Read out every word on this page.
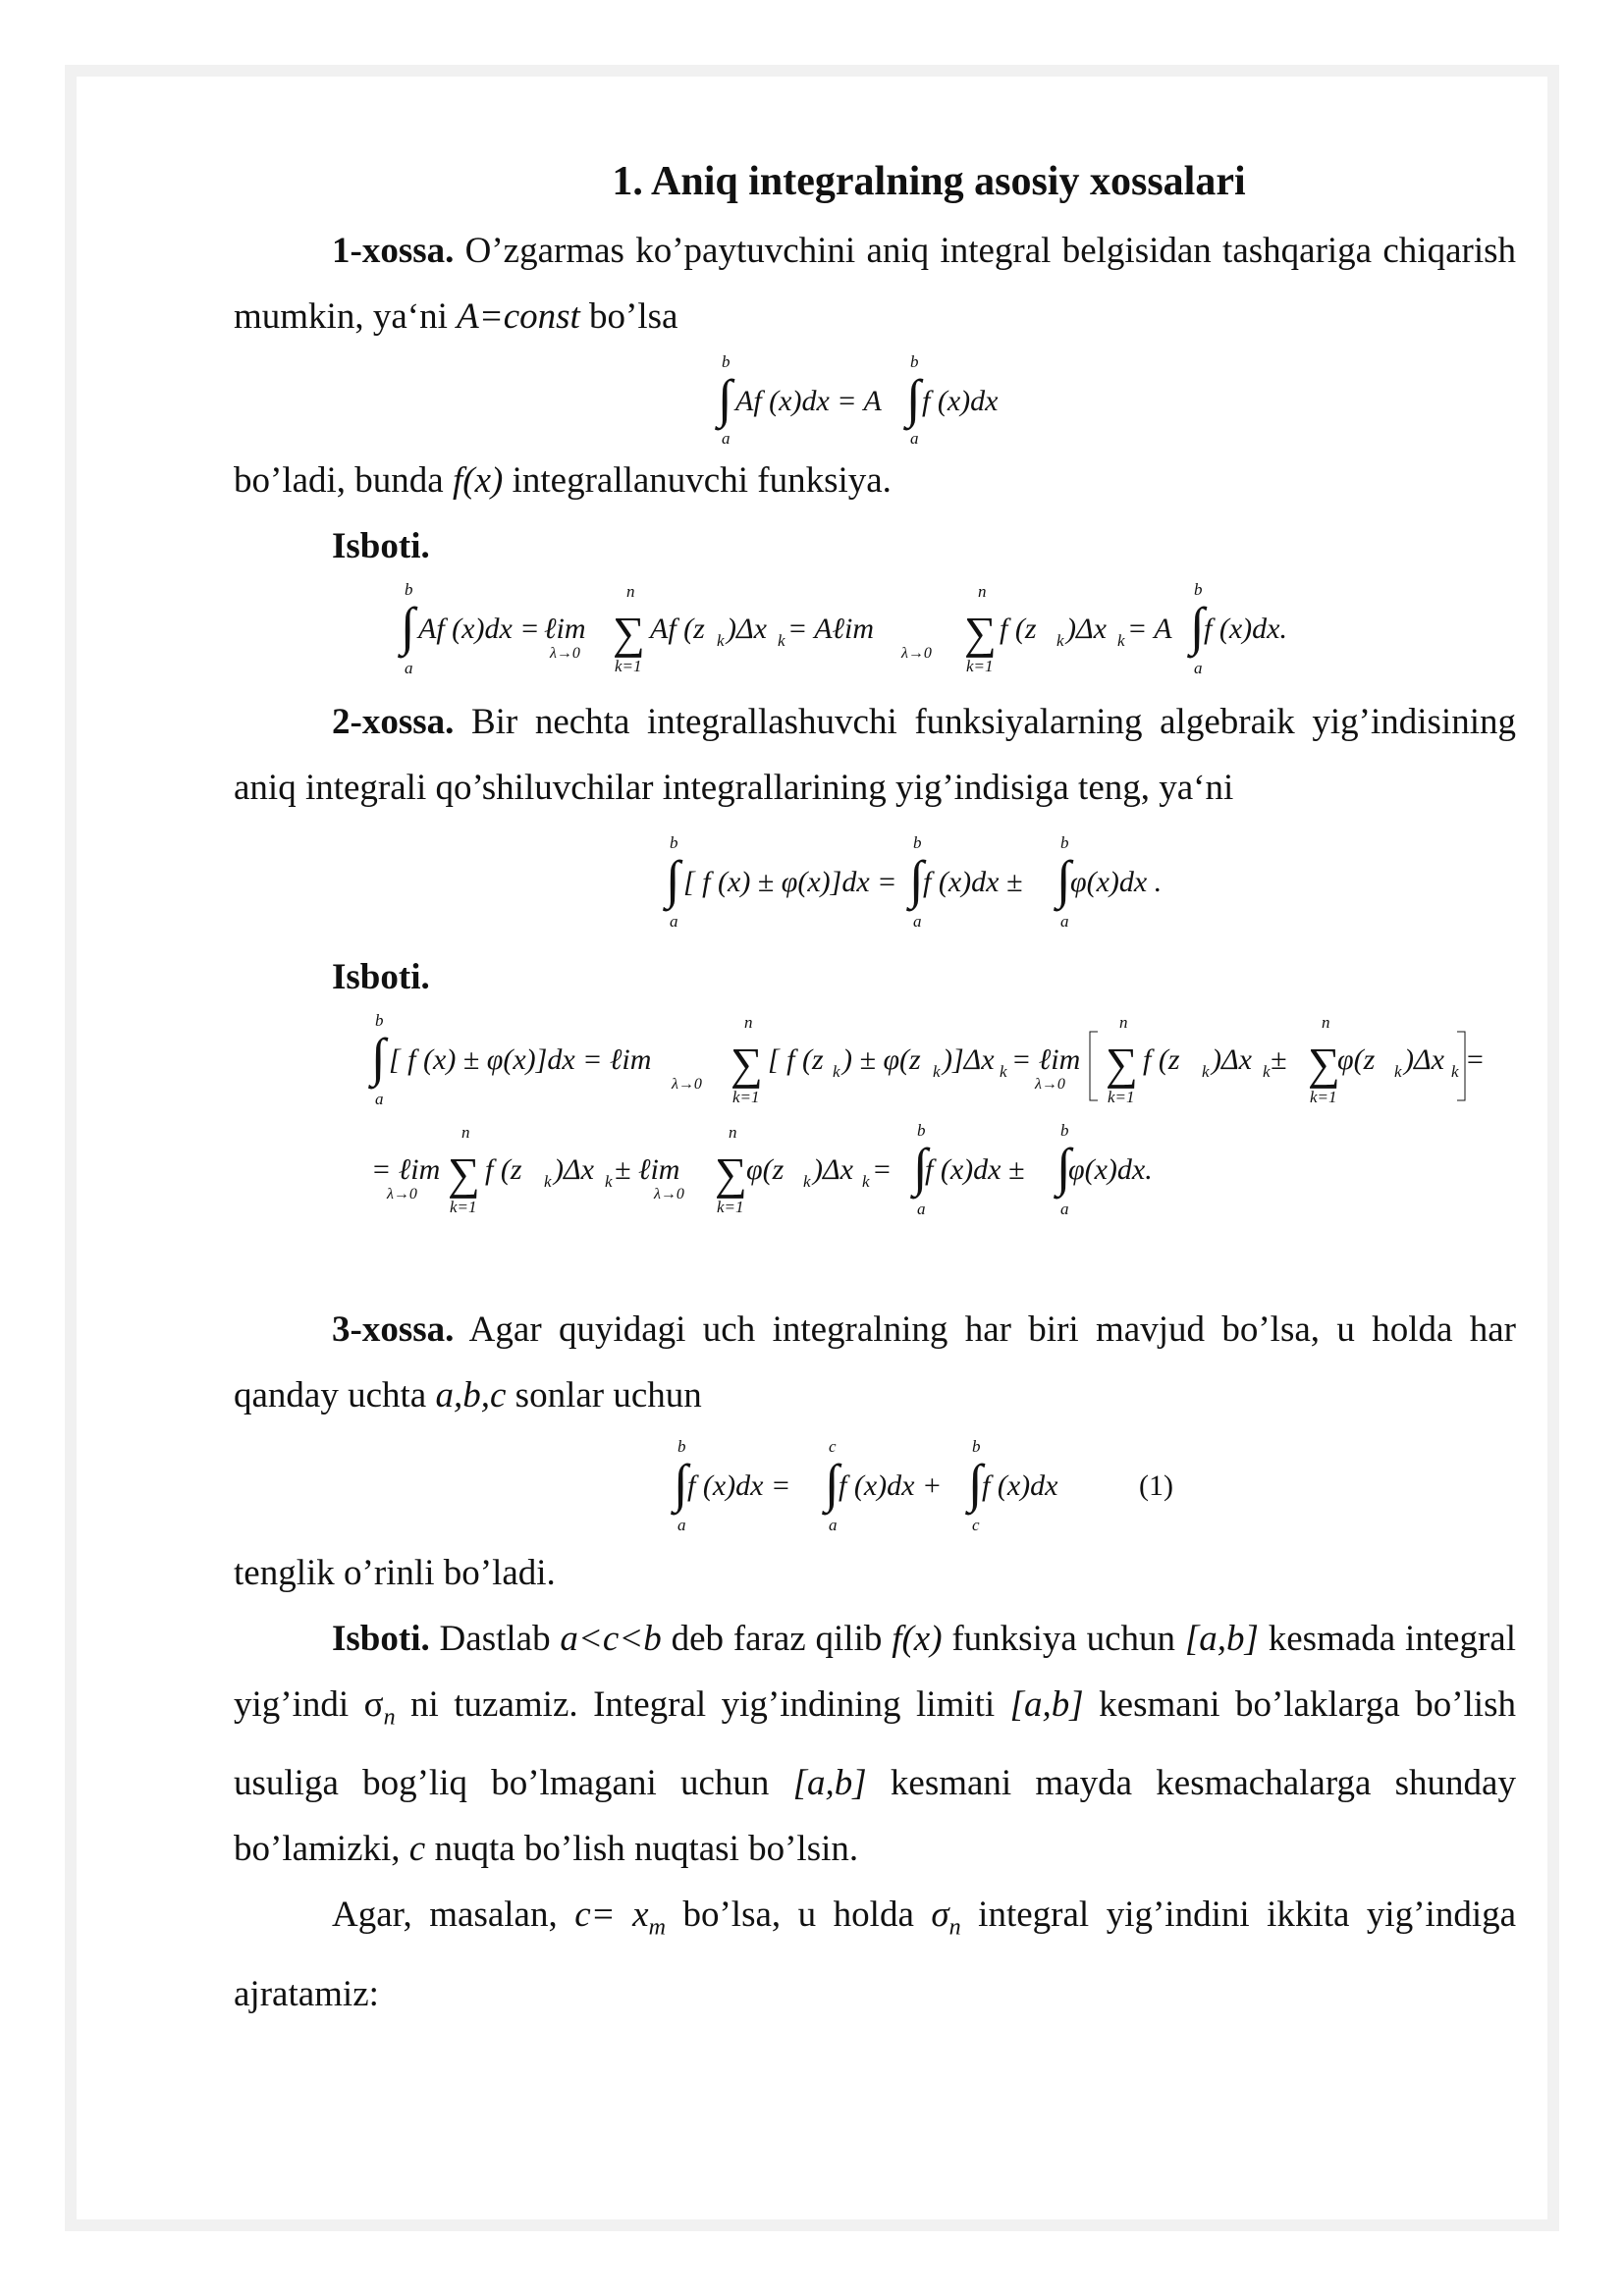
1. Aniq integralning asosiy xossalari

1-xossa. O’zgarmas ko’paytuvchini aniq integral belgisidan tashqariga chiqarish mumkin, ya‘ni A=const bo’lsa

b
∫
a
Af (x)dx = A
b
∫
a
f (x)dx

bo’ladi, bunda f(x) integrallanuvchi funksiya.

Isboti.

b
∫
a
Af (x)dx = ℓim
λ→0
n
∑
k=1
Af (z k )Δx k = Aℓim
λ→0
n
∑
k=1
f (z k )Δx k = A
b
∫
a
f (x)dx.

2-xossa. Bir nechta integrallashuvchi funksiyalarning algebraik yig’indisining aniq integrali qo’shiluvchilar integrallarining yig’indisiga teng, ya‘ni

b
∫
a
[ f (x) ± φ(x)]dx =
b
∫
a
f (x)dx ±
b
∫
a
φ(x)dx .

Isboti.

b
∫
a
[ f (x) ± φ(x)]dx = ℓim
λ→0
n
∑
k=1
[ f (z k ) ± φ(z k )]Δx k = ℓim
λ→0
n
∑
k=1
f (z k )Δx k ±
n
∑
k=1
φ(z k )Δx k =
= ℓim
λ→0
n
∑
k=1
f (z k )Δx k ± ℓim
λ→0
n
∑
k=1
φ(z k )Δx k =
b
∫
a
f (x)dx ±
b
∫
a
φ(x)dx.

3-xossa. Agar quyidagi uch integralning har biri mavjud bo’lsa, u holda har qanday uchta a,b,c sonlar uchun

b
∫
a
f (x)dx =
c
∫
a
f (x)dx +
b
∫
c
f (x)dx	(1)

tenglik o’rinli bo’ladi.

Isboti. Dastlab a<c<b deb faraz qilib f(x) funksiya uchun [a,b] kesmada integral yig’indi $\sigma_n$ ni tuzamiz. Integral yig’indining limiti [a,b] kesmani bo’laklarga bo’lish usuliga bog’liq bo’lmagani uchun [a,b] kesmani mayda kesmachalarga shunday bo’lamizki, c nuqta bo’lish nuqtasi bo’lsin.

Agar, masalan, $c= x_m$ bo’lsa, u holda $\sigma_n$ integral yig’indini ikkita yig’indiga ajratamiz:
